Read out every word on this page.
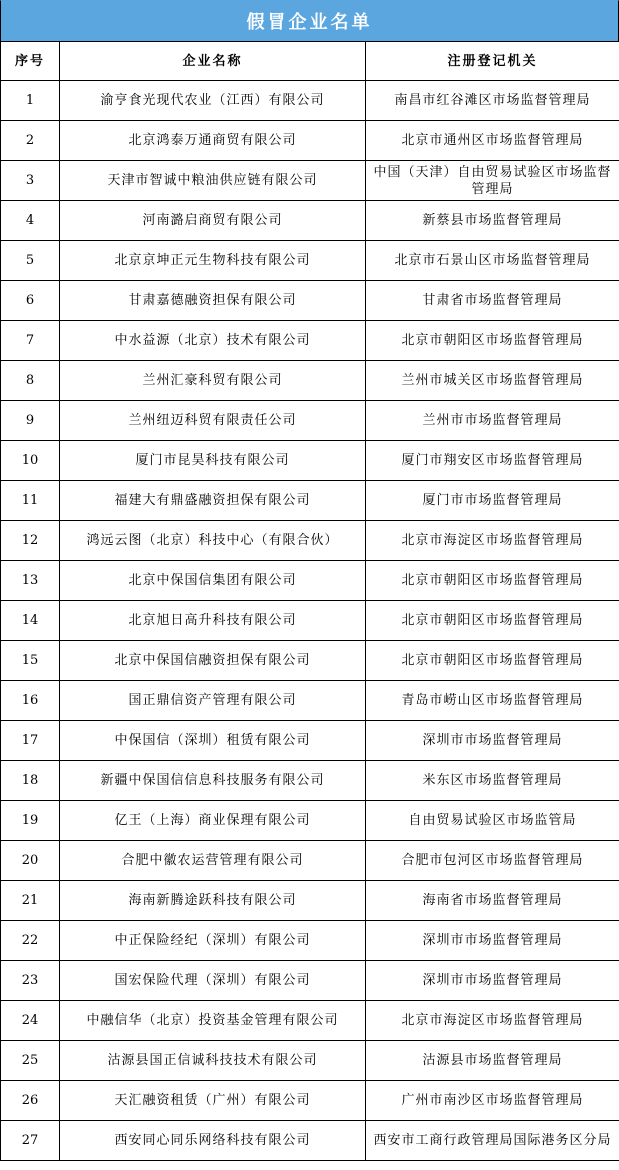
假冒企业名单
序号	企业名称	注册登记机关
1	渝亨食光现代农业（江西）有限公司	南昌市红谷滩区市场监督管理局
2	北京鸿泰万通商贸有限公司	北京市通州区市场监督管理局
3	天津市智诚中粮油供应链有限公司	中国（天津）自由贸易试验区市场监督管理局
4	河南潞启商贸有限公司	新蔡县市场监督管理局
5	北京京坤正元生物科技有限公司	北京市石景山区市场监督管理局
6	甘肃嘉德融资担保有限公司	甘肃省市场监督管理局
7	中水益源（北京）技术有限公司	北京市朝阳区市场监督管理局
8	兰州汇豪科贸有限公司	兰州市城关区市场监督管理局
9	兰州纽迈科贸有限责任公司	兰州市市场监督管理局
10	厦门市昆昊科技有限公司	厦门市翔安区市场监督管理局
11	福建大有鼎盛融资担保有限公司	厦门市市场监督管理局
12	鸿远云图（北京）科技中心（有限合伙）	北京市海淀区市场监督管理局
13	北京中保国信集团有限公司	北京市朝阳区市场监督管理局
14	北京旭日高升科技有限公司	北京市朝阳区市场监督管理局
15	北京中保国信融资担保有限公司	北京市朝阳区市场监督管理局
16	国正鼎信资产管理有限公司	青岛市崂山区市场监督管理局
17	中保国信（深圳）租赁有限公司	深圳市市场监督管理局
18	新疆中保国信信息科技服务有限公司	米东区市场监督管理局
19	亿王（上海）商业保理有限公司	自由贸易试验区市场监管局
20	合肥中徽农运营管理有限公司	合肥市包河区市场监督管理局
21	海南新腾途跃科技有限公司	海南省市场监督管理局
22	中正保险经纪（深圳）有限公司	深圳市市场监督管理局
23	国宏保险代理（深圳）有限公司	深圳市市场监督管理局
24	中融信华（北京）投资基金管理有限公司	北京市海淀区市场监督管理局
25	沽源县国正信诚科技技术有限公司	沽源县市场监督管理局
26	天汇融资租赁（广州）有限公司	广州市南沙区市场监督管理局
27	西安同心同乐网络科技有限公司	西安市工商行政管理局国际港务区分局
